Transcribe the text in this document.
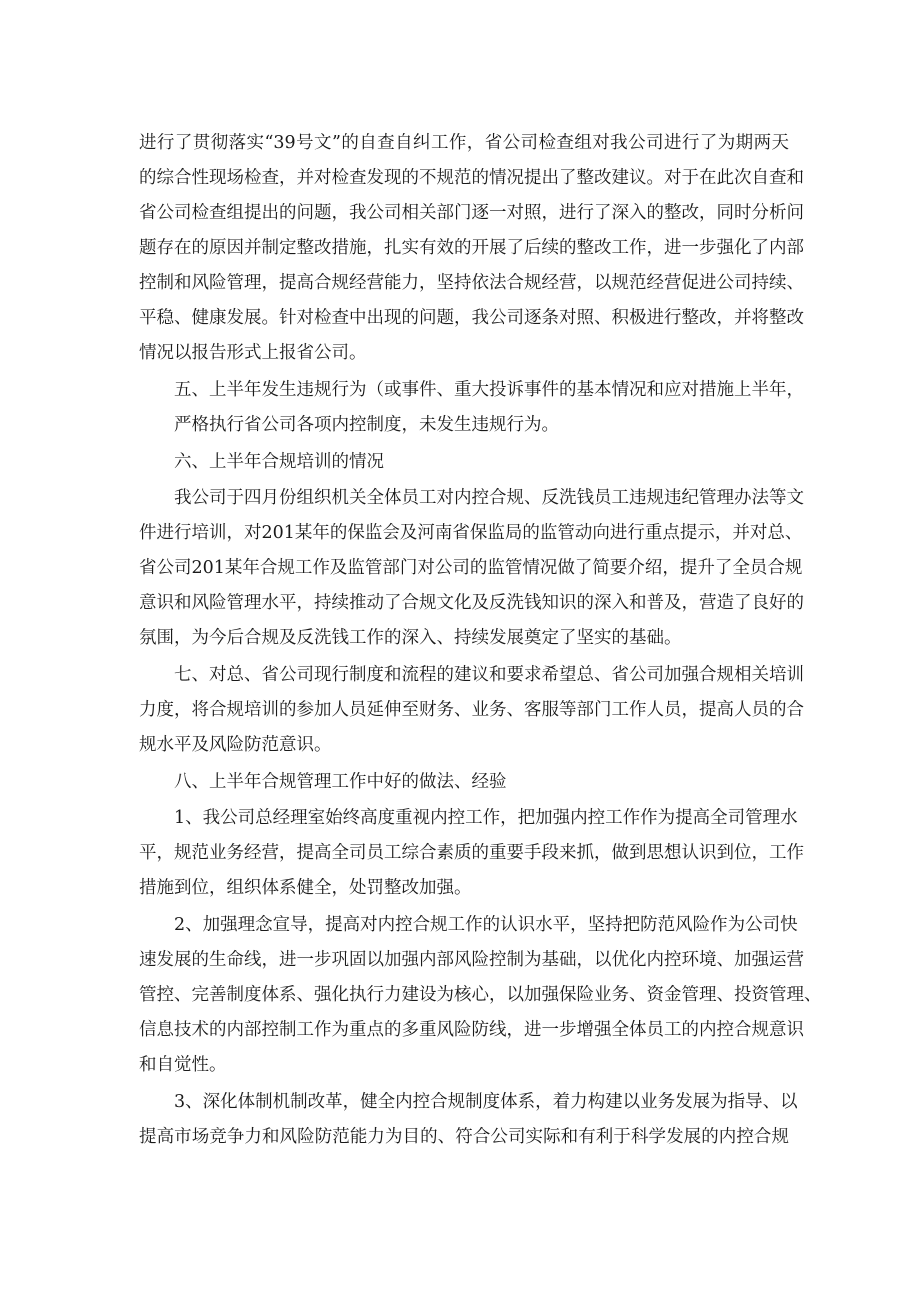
进行了贯彻落实“39号文”的自查自纠工作，省公司检查组对我公司进行了为期两天
的综合性现场检查，并对检查发现的不规范的情况提出了整改建议。对于在此次自查和
省公司检查组提出的问题，我公司相关部门逐一对照，进行了深入的整改，同时分析问
题存在的原因并制定整改措施，扎实有效的开展了后续的整改工作，进一步强化了内部
控制和风险管理，提高合规经营能力，坚持依法合规经营，以规范经营促进公司持续、
平稳、健康发展。针对检查中出现的问题，我公司逐条对照、积极进行整改，并将整改
情况以报告形式上报省公司。
五、上半年发生违规行为（或事件、重大投诉事件的基本情况和应对措施上半年，
严格执行省公司各项内控制度，未发生违规行为。
六、上半年合规培训的情况
我公司于四月份组织机关全体员工对内控合规、反洗钱员工违规违纪管理办法等文
件进行培训，对201某年的保监会及河南省保监局的监管动向进行重点提示，并对总、
省公司201某年合规工作及监管部门对公司的监管情况做了简要介绍，提升了全员合规
意识和风险管理水平，持续推动了合规文化及反洗钱知识的深入和普及，营造了良好的
氛围，为今后合规及反洗钱工作的深入、持续发展奠定了坚实的基础。
七、对总、省公司现行制度和流程的建议和要求希望总、省公司加强合规相关培训
力度，将合规培训的参加人员延伸至财务、业务、客服等部门工作人员，提高人员的合
规水平及风险防范意识。
八、上半年合规管理工作中好的做法、经验
1、我公司总经理室始终高度重视内控工作，把加强内控工作作为提高全司管理水
平，规范业务经营，提高全司员工综合素质的重要手段来抓，做到思想认识到位，工作
措施到位，组织体系健全，处罚整改加强。
2、加强理念宣导，提高对内控合规工作的认识水平，坚持把防范风险作为公司快
速发展的生命线，进一步巩固以加强内部风险控制为基础，以优化内控环境、加强运营
管控、完善制度体系、强化执行力建设为核心，以加强保险业务、资金管理、投资管理、
信息技术的内部控制工作为重点的多重风险防线，进一步增强全体员工的内控合规意识
和自觉性。
3、深化体制机制改革，健全内控合规制度体系，着力构建以业务发展为指导、以
提高市场竞争力和风险防范能力为目的、符合公司实际和有利于科学发展的内控合规
